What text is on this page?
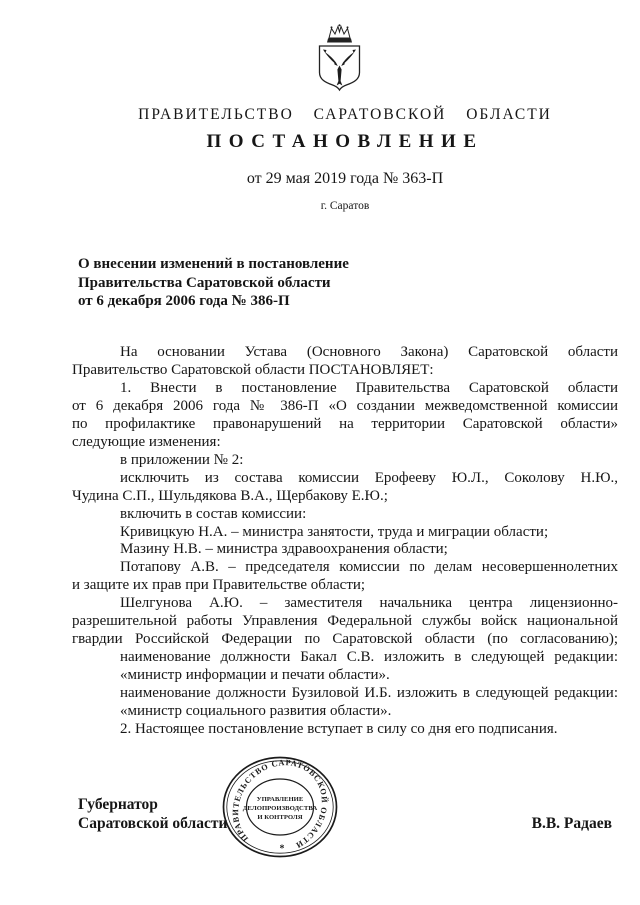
ПРАВИТЕЛЬСТВО САРАТОВСКОЙ ОБЛАСТИ
ПОСТАНОВЛЕНИЕ
от 29 мая 2019 года № 363-П
г. Саратов
О внесении изменений в постановление
Правительства Саратовской области
от 6 декабря 2006 года № 386-П
На основании Устава (Основного Закона) Саратовской области
Правительство Саратовской области ПОСТАНОВЛЯЕТ:
1. Внести в постановление Правительства Саратовской области
от 6 декабря 2006 года № 386-П «О создании межведомственной комиссии
по профилактике правонарушений на территории Саратовской области»
следующие изменения:
в приложении № 2:
исключить из состава комиссии Ерофееву Ю.Л., Соколову Н.Ю.,
Чудина С.П., Шульдякова В.А., Щербакову Е.Ю.;
включить в состав комиссии:
Кривицкую Н.А. – министра занятости, труда и миграции области;
Мазину Н.В. – министра здравоохранения области;
Потапову А.В. – председателя комиссии по делам несовершеннолетних
и защите их прав при Правительстве области;
Шелгунова А.Ю. – заместителя начальника центра лицензионно-
разрешительной работы Управления Федеральной службы войск национальной
гвардии Российской Федерации по Саратовской области (по согласованию);
наименование должности Бакал С.В. изложить в следующей редакции:
«министр информации и печати области».
наименование должности Бузиловой И.Б. изложить в следующей редакции:
«министр социального развития области».
2. Настоящее постановление вступает в силу со дня его подписания.
Губернатор
Саратовской области	В.В. Радаев
ПРАВИТЕЛЬСТВО САРАТОВСКОЙ ОБЛАСТИ
*
УПРАВЛЕНИЕ
ДЕЛОПРОИЗВОДСТВА
И КОНТРОЛЯ
